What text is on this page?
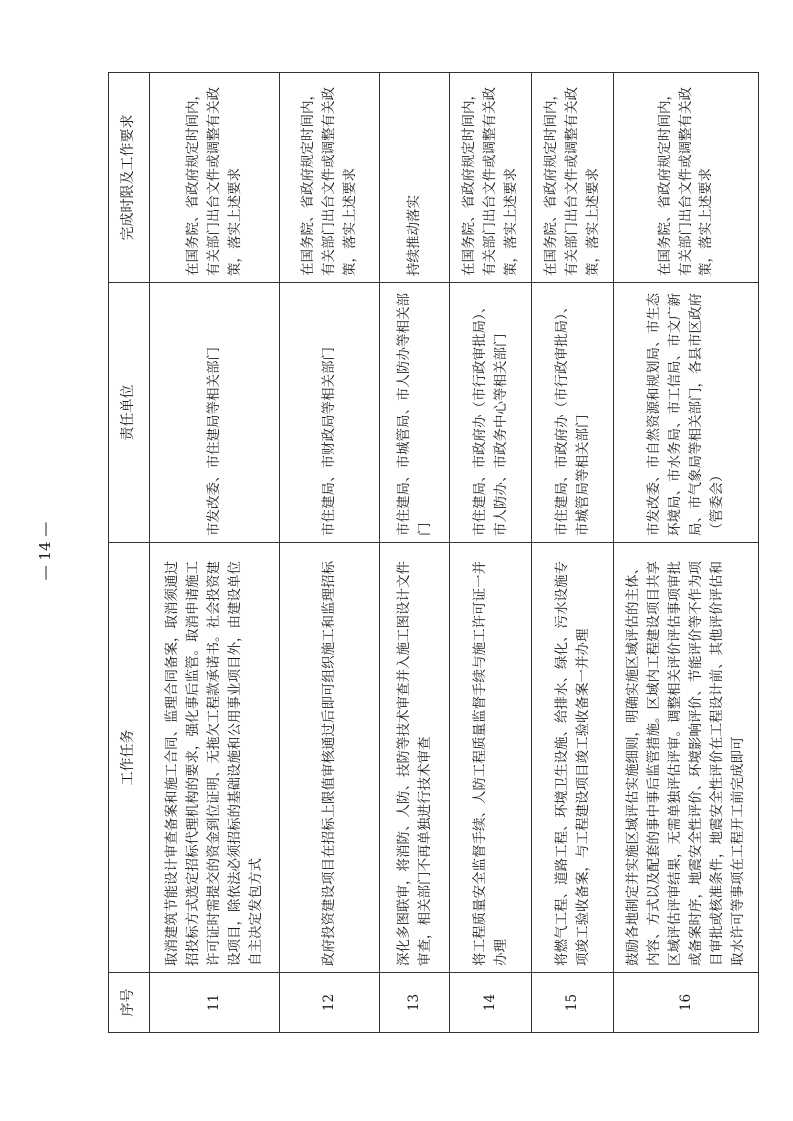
序号	工作任务	责任单位	完成时限及工作要求
11	取消建筑节能设计审查备案和施工合同、监理合同备案，取消须通过招投标方式选定招标代理机构的要求，强化事后监管。取消申请施工许可证时需提交的资金到位证明、无拖欠工程款承诺书。社会投资建设项目，除依法必须招标的基础设施和公用事业项目外，由建设单位自主决定发包方式	市发改委、市住建局等相关部门	在国务院、省政府规定时间内，有关部门出台文件或调整有关政策，落实上述要求
12	政府投资建设项目在招标上限值审核通过后即可组织施工和监理招标	市住建局、市财政局等相关部门	在国务院、省政府规定时间内，有关部门出台文件或调整有关政策，落实上述要求
13	深化多图联审，将消防、人防、技防等技术审查并入施工图设计文件审查，相关部门不再单独进行技术审查	市住建局、市城管局、市人防办等相关部门	持续推动落实
14	将工程质量安全监督手续、人防工程质量监督手续与施工许可证一并办理	市住建局、市政府办（市行政审批局）、市人防办、市政务中心等相关部门	在国务院、省政府规定时间内，有关部门出台文件或调整有关政策，落实上述要求
15	将燃气工程、道路工程、环境卫生设施、给排水、绿化、污水设施专项竣工验收备案，与工程建设项目竣工验收备案一并办理	市住建局、市政府办（市行政审批局）、市城管局等相关部门	在国务院、省政府规定时间内，有关部门出台文件或调整有关政策，落实上述要求
16	鼓励各地制定并实施区域评估实施细则，明确实施区域评估的主体、内容、方式以及配套的事中事后监管措施。区域内工程建设项目共享区域评估评审结果，无需单独评估评审。调整相关评价评估事项审批或备案时序，地震安全性评价、环境影响评价、节能评价等不作为项目审批或核准条件，地震安全性评价在工程设计前、其他评价评估和取水许可等事项在工程开工前完成即可	市发改委、市自然资源和规划局、市生态环境局、市水务局、市工信局、市文广新局、市气象局等相关部门，各县市区政府（管委会）	在国务院、省政府规定时间内，有关部门出台文件或调整有关政策，落实上述要求
— 14 —
